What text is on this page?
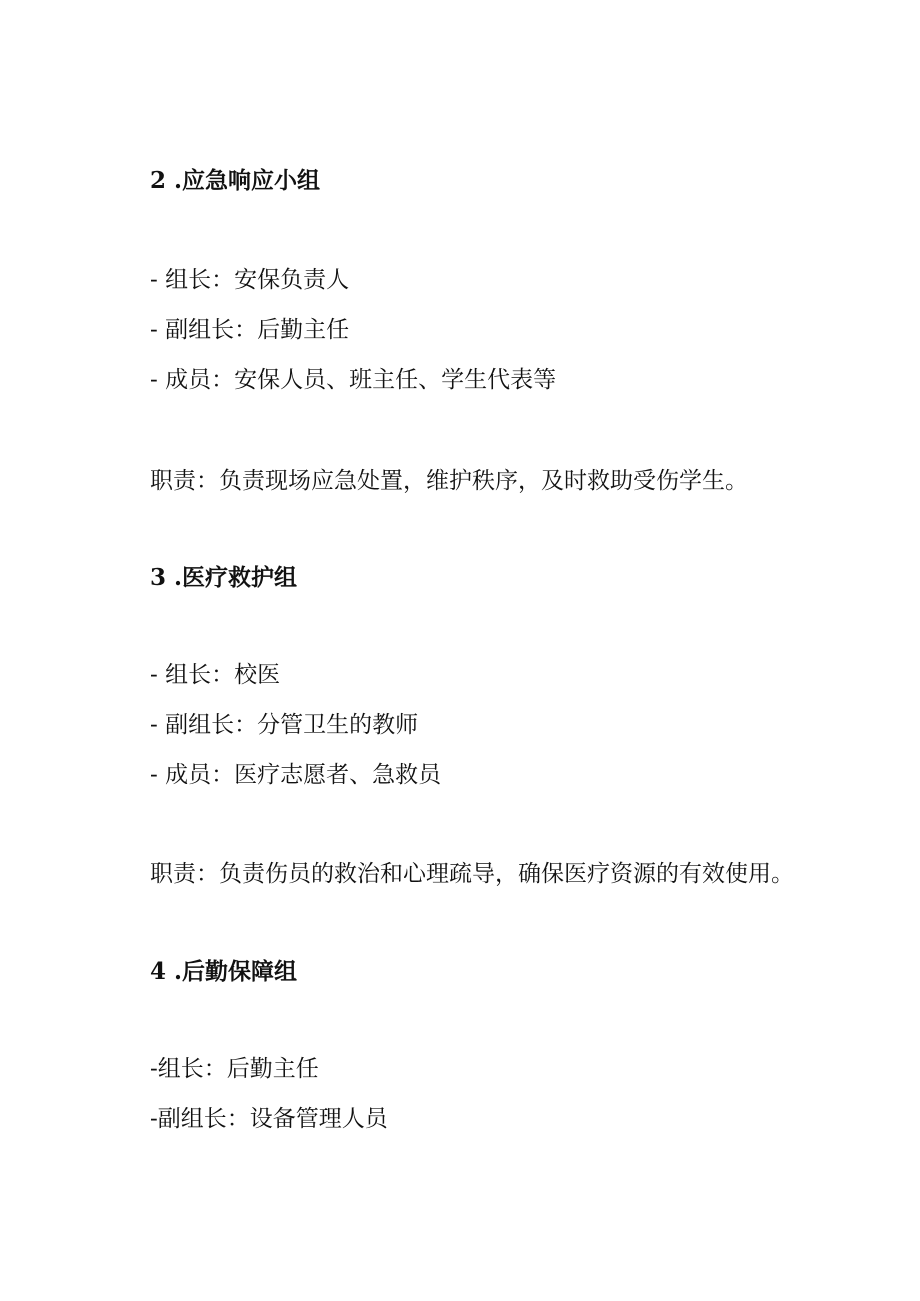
2 .应急响应小组
- 组长：安保负责人
- 副组长：后勤主任
- 成员：安保人员、班主任、学生代表等
职责：负责现场应急处置，维护秩序，及时救助受伤学生。
3 .医疗救护组
- 组长：校医
- 副组长：分管卫生的教师
- 成员：医疗志愿者、急救员
职责：负责伤员的救治和心理疏导，确保医疗资源的有效使用。
4 .后勤保障组
-组长：后勤主任
-副组长：设备管理人员
